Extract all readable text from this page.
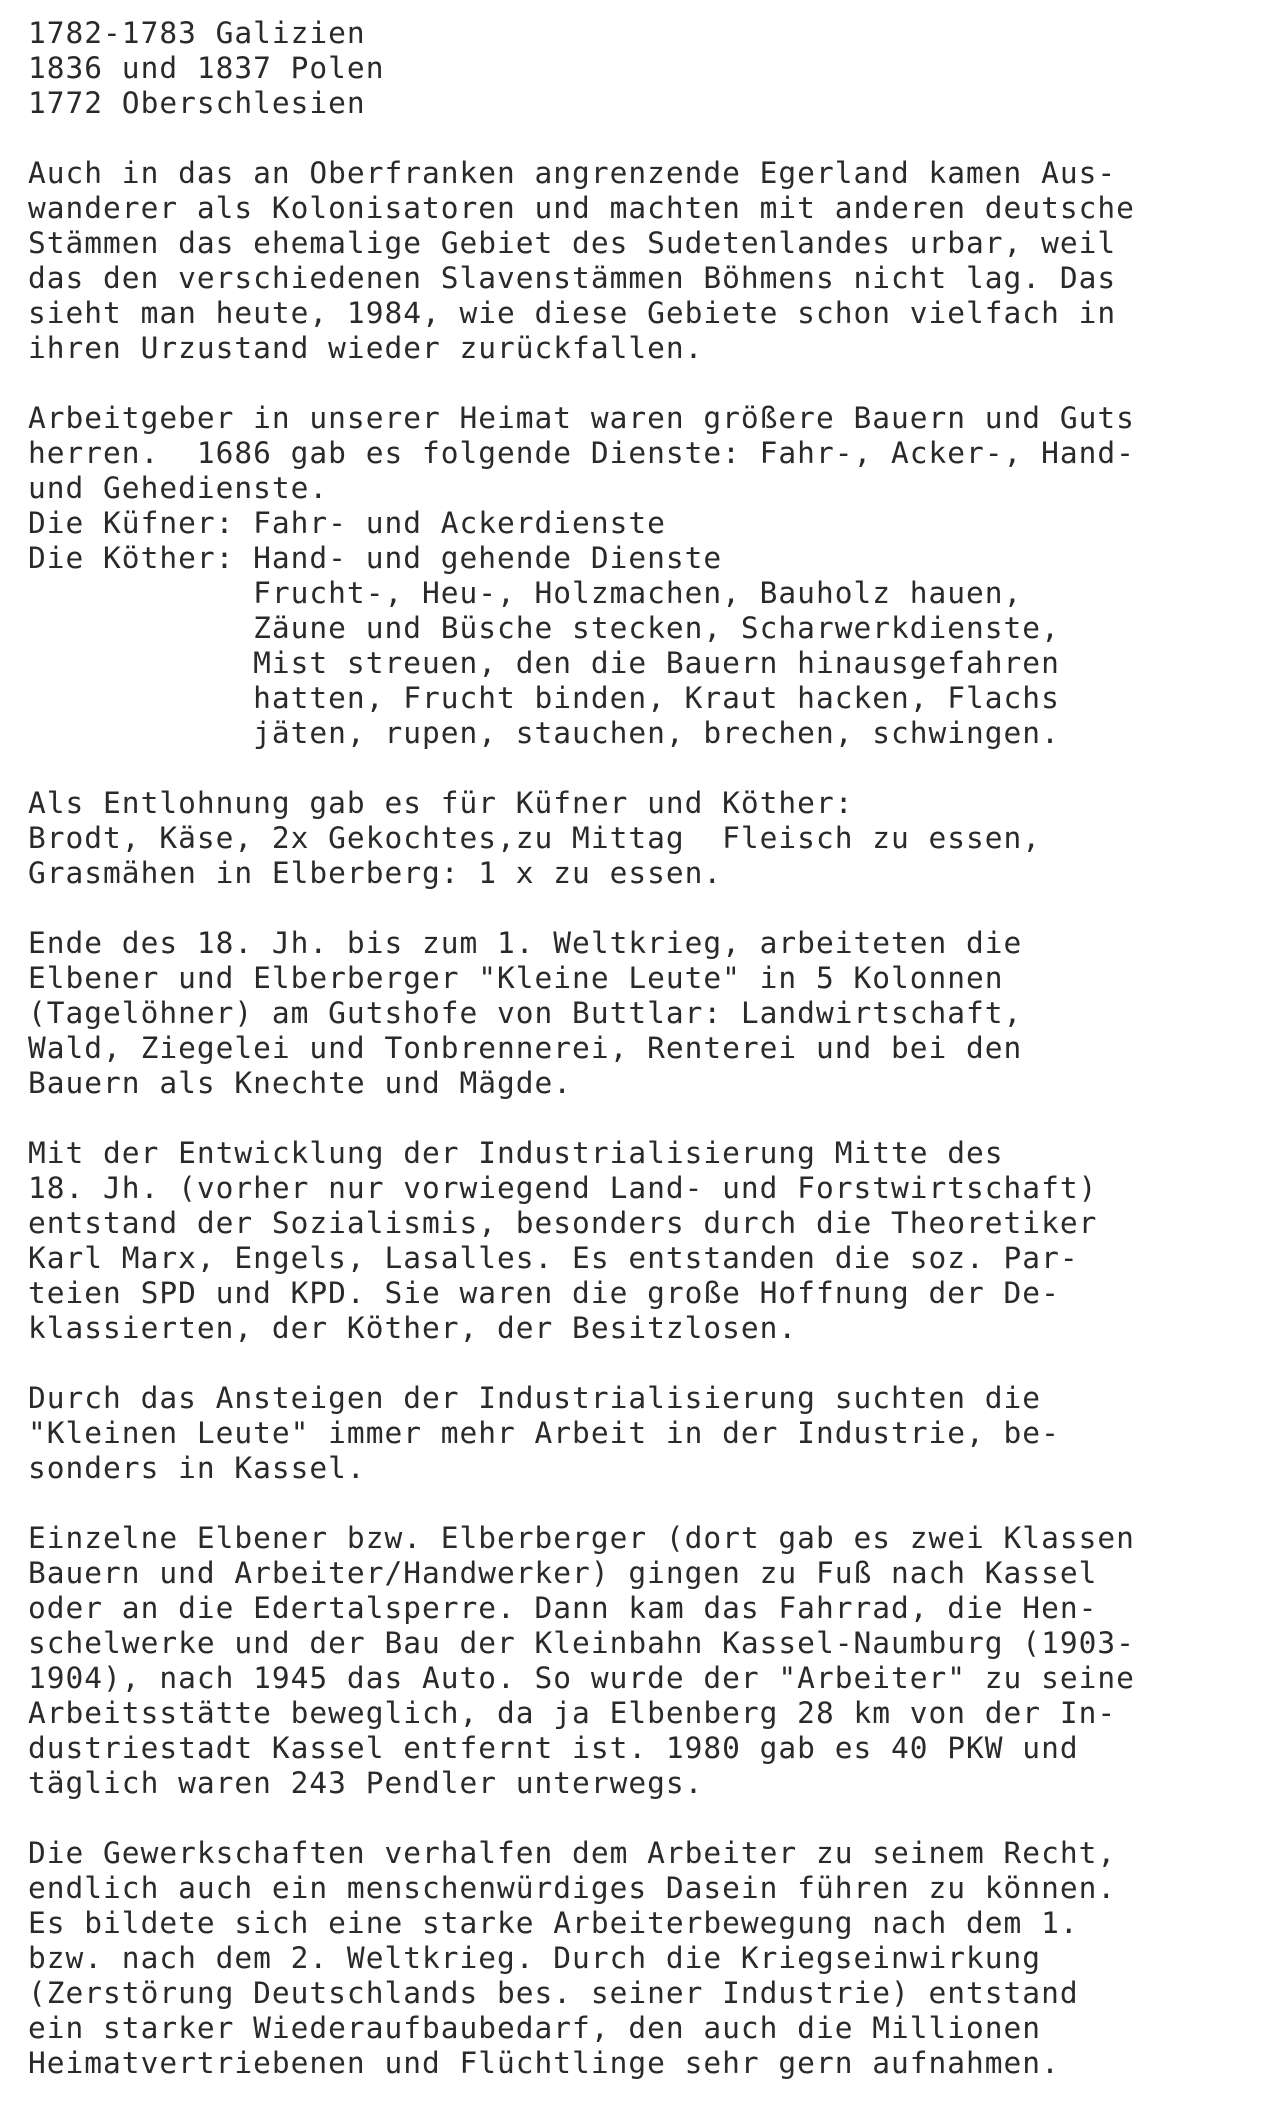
1782-1783 Galizien
1836 und 1837 Polen
1772 Oberschlesien
Auch in das an Oberfranken angrenzende Egerland kamen Aus-
wanderer als Kolonisatoren und machten mit anderen deutsche
Stämmen das ehemalige Gebiet des Sudetenlandes urbar, weil
das den verschiedenen Slavenstämmen Böhmens nicht lag. Das
sieht man heute, 1984, wie diese Gebiete schon vielfach in
ihren Urzustand wieder zurückfallen.
Arbeitgeber in unserer Heimat waren größere Bauern und Guts
herren.  1686 gab es folgende Dienste: Fahr-, Acker-, Hand-
und Gehedienste.
Die Küfner: Fahr- und Ackerdienste
Die Köther: Hand- und gehende Dienste
Frucht-, Heu-, Holzmachen, Bauholz hauen,
Zäune und Büsche stecken, Scharwerkdienste,
Mist streuen, den die Bauern hinausgefahren
hatten, Frucht binden, Kraut hacken, Flachs
jäten, rupen, stauchen, brechen, schwingen.
Als Entlohnung gab es für Küfner und Köther:
Brodt, Käse, 2x Gekochtes,zu Mittag  Fleisch zu essen,
Grasmähen in Elberberg: 1 x zu essen.
Ende des 18. Jh. bis zum 1. Weltkrieg, arbeiteten die
Elbener und Elberberger "Kleine Leute" in 5 Kolonnen
(Tagelöhner) am Gutshofe von Buttlar: Landwirtschaft,
Wald, Ziegelei und Tonbrennerei, Renterei und bei den
Bauern als Knechte und Mägde.
Mit der Entwicklung der Industrialisierung Mitte des
18. Jh. (vorher nur vorwiegend Land- und Forstwirtschaft)
entstand der Sozialismis, besonders durch die Theoretiker
Karl Marx, Engels, Lasalles. Es entstanden die soz. Par-
teien SPD und KPD. Sie waren die große Hoffnung der De-
klassierten, der Köther, der Besitzlosen.
Durch das Ansteigen der Industrialisierung suchten die
"Kleinen Leute" immer mehr Arbeit in der Industrie, be-
sonders in Kassel.
Einzelne Elbener bzw. Elberberger (dort gab es zwei Klassen
Bauern und Arbeiter/Handwerker) gingen zu Fuß nach Kassel
oder an die Edertalsperre. Dann kam das Fahrrad, die Hen-
schelwerke und der Bau der Kleinbahn Kassel-Naumburg (1903-
1904), nach 1945 das Auto. So wurde der "Arbeiter" zu seine
Arbeitsstätte beweglich, da ja Elbenberg 28 km von der In-
dustriestadt Kassel entfernt ist. 1980 gab es 40 PKW und
täglich waren 243 Pendler unterwegs.
Die Gewerkschaften verhalfen dem Arbeiter zu seinem Recht,
endlich auch ein menschenwürdiges Dasein führen zu können.
Es bildete sich eine starke Arbeiterbewegung nach dem 1.
bzw. nach dem 2. Weltkrieg. Durch die Kriegseinwirkung
(Zerstörung Deutschlands bes. seiner Industrie) entstand
ein starker Wiederaufbaubedarf, den auch die Millionen
Heimatvertriebenen und Flüchtlinge sehr gern aufnahmen.
